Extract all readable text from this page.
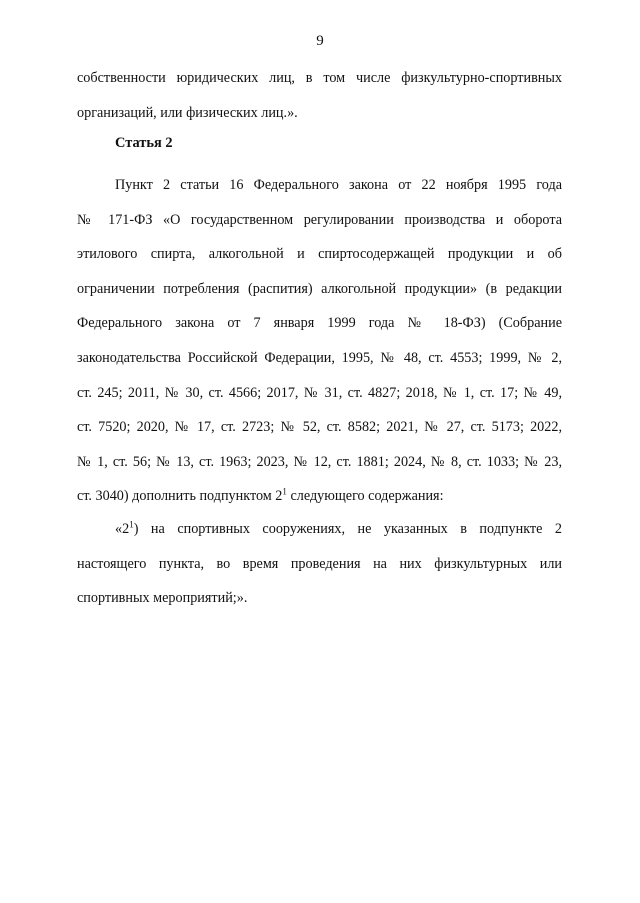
9
собственности юридических лиц, в том числе физкультурно-спортивных
организаций, или физических лиц.».
Статья 2
Пункт 2 статьи 16 Федерального закона от 22 ноября 1995 года
№ 171-ФЗ «О государственном регулировании производства и оборота
этилового спирта, алкогольной и спиртосодержащей продукции и об
ограничении потребления (распития) алкогольной продукции» (в редакции
Федерального закона от 7 января 1999 года № 18-ФЗ) (Собрание
законодательства Российской Федерации, 1995, № 48, ст. 4553; 1999, № 2,
ст. 245; 2011, № 30, ст. 4566; 2017, № 31, ст. 4827; 2018, № 1, ст. 17; № 49,
ст. 7520; 2020, № 17, ст. 2723; № 52, ст. 8582; 2021, № 27, ст. 5173; 2022,
№ 1, ст. 56; № 13, ст. 1963; 2023, № 12, ст. 1881; 2024, № 8, ст. 1033; № 23,
ст. 3040) дополнить подпунктом $2^1$ следующего содержания:
«$2^1$) на спортивных сооружениях, не указанных в подпункте 2
настоящего пункта, во время проведения на них физкультурных или
спортивных мероприятий;».
